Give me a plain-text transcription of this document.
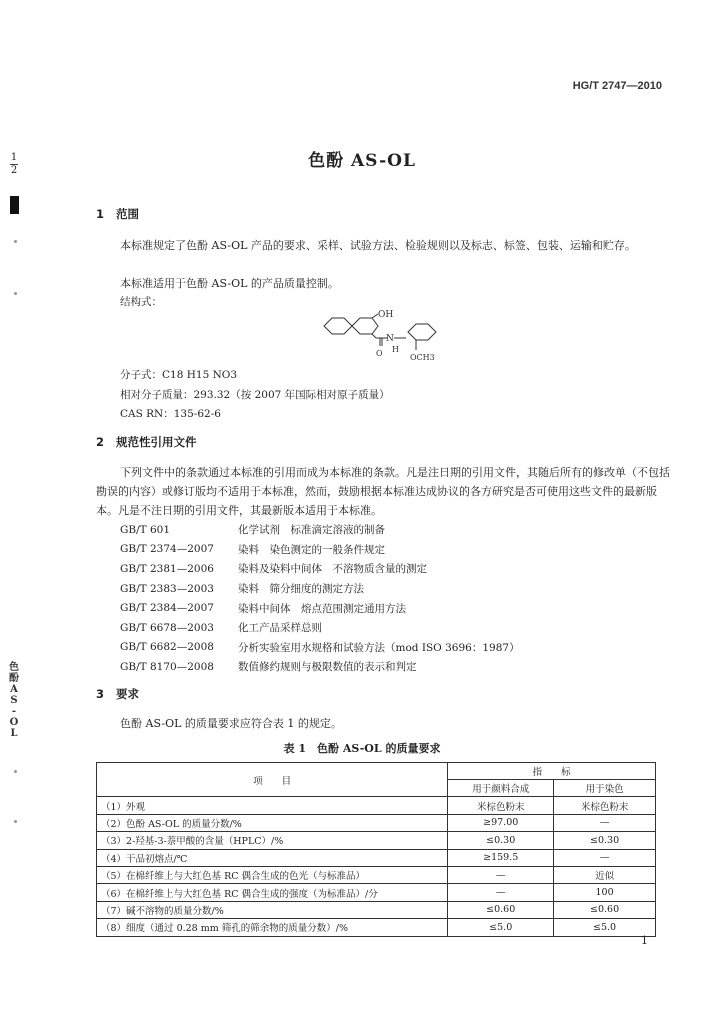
HG/T 2747—2010
1
2
色
酚
A
S
-
O
L
色酚 AS-OL
1 范围
本标准规定了色酚 AS-OL 产品的要求、采样、试验方法、检验规则以及标志、标签、包装、运输和贮存。
本标准适用于色酚 AS-OL 的产品质量控制。
结构式：
OH
N
O H
OCH3
分子式：C18 H15 NO3
相对分子质量：293.32（按 2007 年国际相对原子质量）
CAS RN：135-62-6
2 规范性引用文件
下列文件中的条款通过本标准的引用而成为本标准的条款。凡是注日期的引用文件，其随后所有的修改单（不包括勘误的内容）或修订版均不适用于本标准，然而，鼓励根据本标准达成协议的各方研究是否可使用这些文件的最新版本。凡是不注日期的引用文件，其最新版本适用于本标准。
GB/T 601	化学试剂　标准滴定溶液的制备
GB/T 2374—2007	染料　染色测定的一般条件规定
GB/T 2381—2006	染料及染料中间体　不溶物质含量的测定
GB/T 2383—2003	染料　筛分细度的测定方法
GB/T 2384—2007	染料中间体　熔点范围测定通用方法
GB/T 6678—2003	化工产品采样总则
GB/T 6682—2008	分析实验室用水规格和试验方法（mod ISO 3696：1987）
GB/T 8170—2008	数值修约规则与极限数值的表示和判定
3 要求
色酚 AS-OL 的质量要求应符合表 1 的规定。
表 1　色酚 AS-OL 的质量要求
项　　目	指　　标	
	用于颜料合成	用于染色
（1）外观	米棕色粉末	米棕色粉末
（2）色酚 AS-OL 的质量分数/%	≥97.00	—
（3）2-羟基-3-萘甲酸的含量（HPLC）/%	≤0.30	≤0.30
（4）干品初熔点/℃	≥159.5	—
（5）在棉纤维上与大红色基 RC 偶合生成的色光（与标准品）	—	近似
（6）在棉纤维上与大红色基 RC 偶合生成的强度（为标准品）/分	—	100
（7）碱不溶物的质量分数/%	≤0.60	≤0.60
（8）细度（通过 0.28 mm 筛孔的筛余物的质量分数）/%	≤5.0	≤5.0
1
